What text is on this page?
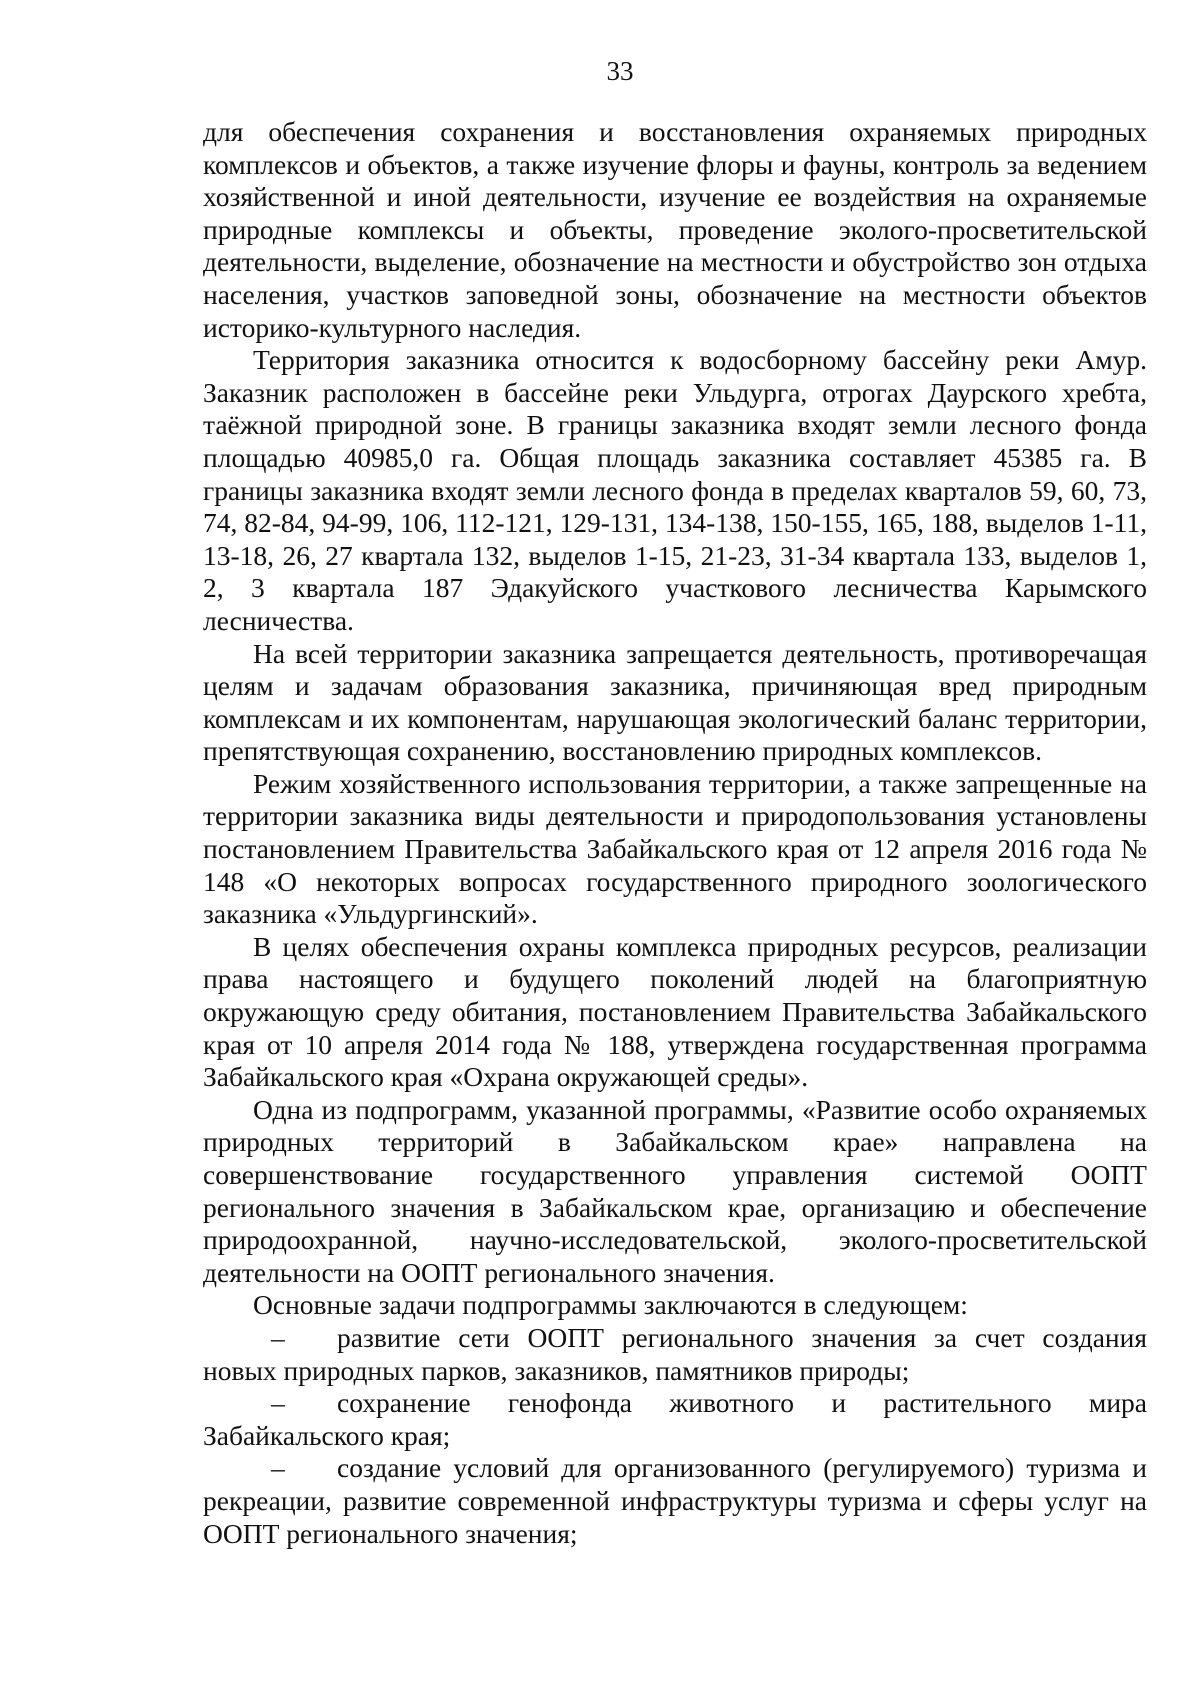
33

для обеспечения сохранения и восстановления охраняемых природных комплексов и объектов, а также изучение флоры и фауны, контроль за ведением хозяйственной и иной деятельности, изучение ее воздействия на охраняемые природные комплексы и объекты, проведение эколого-просветительской деятельности, выделение, обозначение на местности и обустройство зон отдыха населения, участков заповедной зоны, обозначение на местности объектов историко-культурного наследия.

Территория заказника относится к водосборному бассейну реки Амур. Заказник расположен в бассейне реки Ульдурга, отрогах Даурского хребта, таёжной природной зоне. В границы заказника входят земли лесного фонда площадью 40985,0 га. Общая площадь заказника составляет 45385 га. В границы заказника входят земли лесного фонда в пределах кварталов 59, 60, 73, 74, 82-84, 94-99, 106, 112-121, 129-131, 134-138, 150-155, 165, 188, выделов 1-11, 13-18, 26, 27 квартала 132, выделов 1-15, 21-23, 31-34 квартала 133, выделов 1, 2, 3 квартала 187 Эдакуйского участкового лесничества Карымского лесничества.

На всей территории заказника запрещается деятельность, противоречащая целям и задачам образования заказника, причиняющая вред природным комплексам и их компонентам, нарушающая экологический баланс территории, препятствующая сохранению, восстановлению природных комплексов.

Режим хозяйственного использования территории, а также запрещенные на территории заказника виды деятельности и природопользования установлены постановлением Правительства Забайкальского края от 12 апреля 2016 года № 148 «О некоторых вопросах государственного природного зоологического заказника «Ульдургинский».

В целях обеспечения охраны комплекса природных ресурсов, реализации права настоящего и будущего поколений людей на благоприятную окружающую среду обитания, постановлением Правительства Забайкальского края от 10 апреля 2014 года № 188, утверждена государственная программа Забайкальского края «Охрана окружающей среды».

Одна из подпрограмм, указанной программы, «Развитие особо охраняемых природных территорий в Забайкальском крае» направлена на совершенствование государственного управления системой ООПТ регионального значения в Забайкальском крае, организацию и обеспечение природоохранной, научно-исследовательской, эколого-просветительской деятельности на ООПТ регионального значения.

Основные задачи подпрограммы заключаются в следующем:

– развитие сети ООПТ регионального значения за счет создания новых природных парков, заказников, памятников природы;

– сохранение генофонда животного и растительного мира Забайкальского края;

– создание условий для организованного (регулируемого) туризма и рекреации, развитие современной инфраструктуры туризма и сферы услуг на ООПТ регионального значения;
